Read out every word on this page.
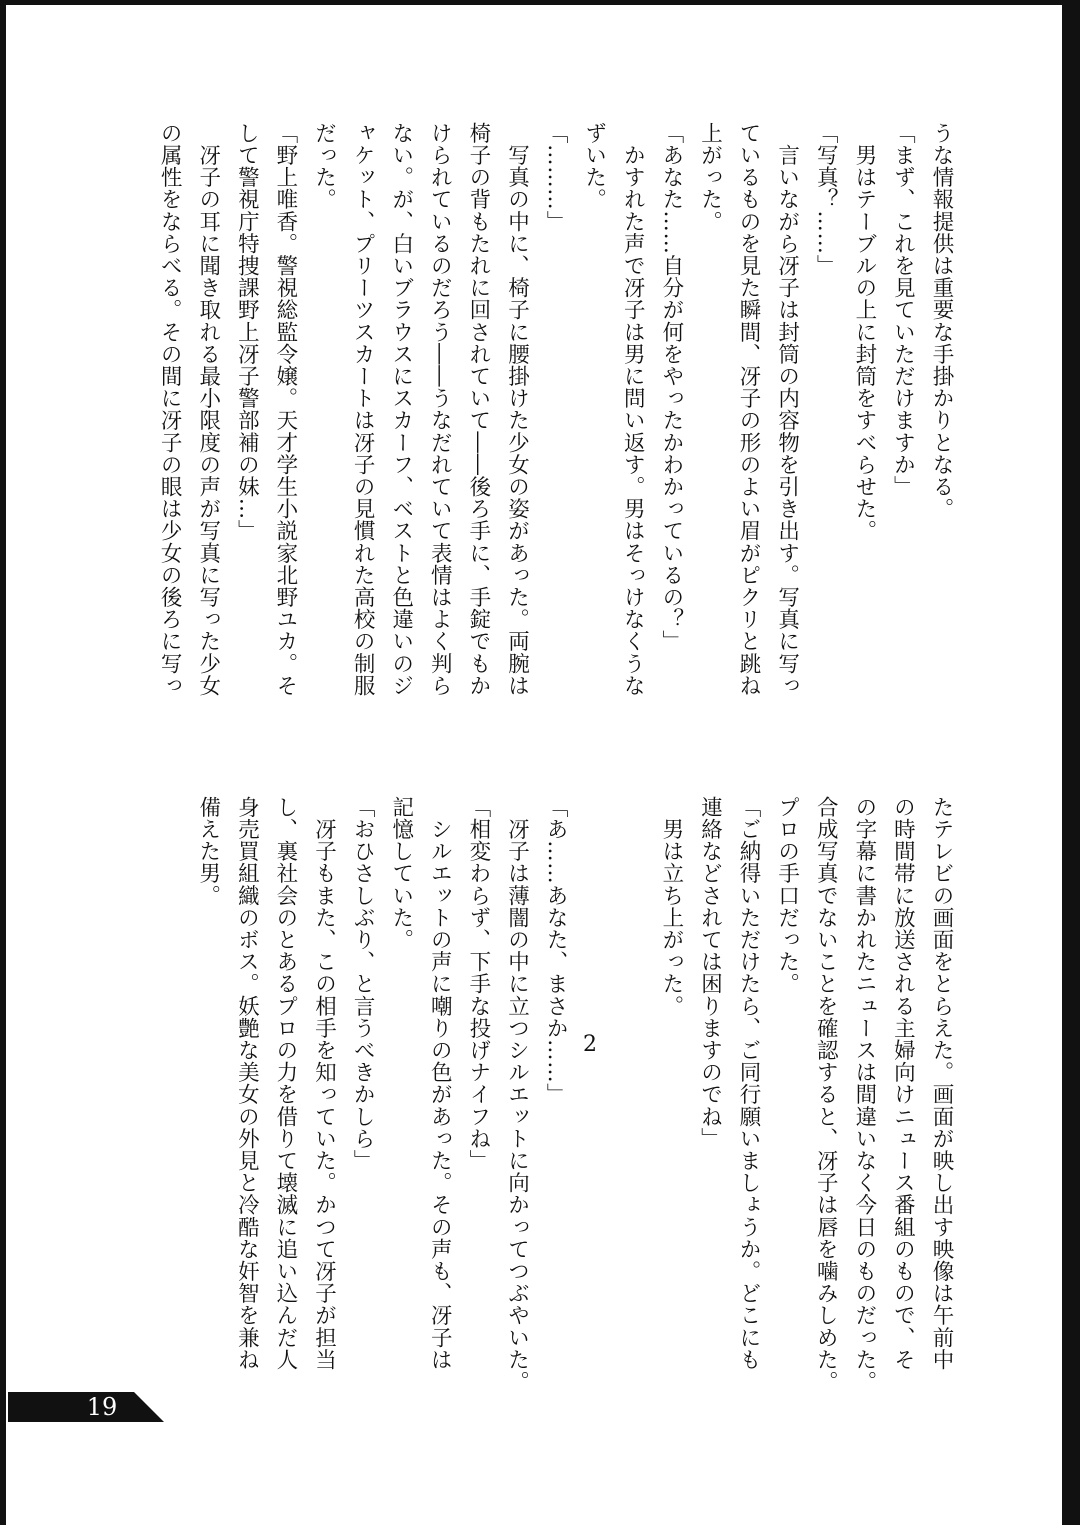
うな情報提供は重要な手掛かりとなる。
「まず、これを見ていただけますか」
　男はテーブルの上に封筒をすべらせた。
「写真？……」
　言いながら冴子は封筒の内容物を引き出す。写真に写っ
ているものを見た瞬間、冴子の形のよい眉がピクリと跳ね
上がった。
「あなた……自分が何をやったかわかっているの？」
　かすれた声で冴子は男に問い返す。男はそっけなくうな
ずいた。
「………」
　写真の中に、椅子に腰掛けた少女の姿があった。両腕は
椅子の背もたれに回されていて――後ろ手に、手錠でもか
けられているのだろう――うなだれていて表情はよく判ら
ない。が、白いブラウスにスカーフ、ベストと色違いのジ
ャケット、プリーツスカートは冴子の見慣れた高校の制服
だった。
「野上唯香。警視総監令嬢。天才学生小説家北野ユカ。そ
して警視庁特捜課野上冴子警部補の妹…」
　冴子の耳に聞き取れる最小限度の声が写真に写った少女
の属性をならべる。その間に冴子の眼は少女の後ろに写っ
たテレビの画面をとらえた。画面が映し出す映像は午前中
の時間帯に放送される主婦向けニュース番組のもので、そ
の字幕に書かれたニュースは間違いなく今日のものだった。
合成写真でないことを確認すると、冴子は唇を噛みしめた。
プロの手口だった。
「ご納得いただけたら、ご同行願いましょうか。どこにも
連絡などされては困りますのでね」
　男は立ち上がった。
「あ……あなた、まさか……」
　冴子は薄闇の中に立つシルエットに向かってつぶやいた。
「相変わらず、下手な投げナイフね」
　シルエットの声に嘲りの色があった。その声も、冴子は
記憶していた。
「おひさしぶり、と言うべきかしら」
　冴子もまた、この相手を知っていた。かつて冴子が担当
し、裏社会のとあるプロの力を借りて壊滅に追い込んだ人
身売買組織のボス。妖艶な美女の外見と冷酷な奸智を兼ね
備えた男。
2
19
